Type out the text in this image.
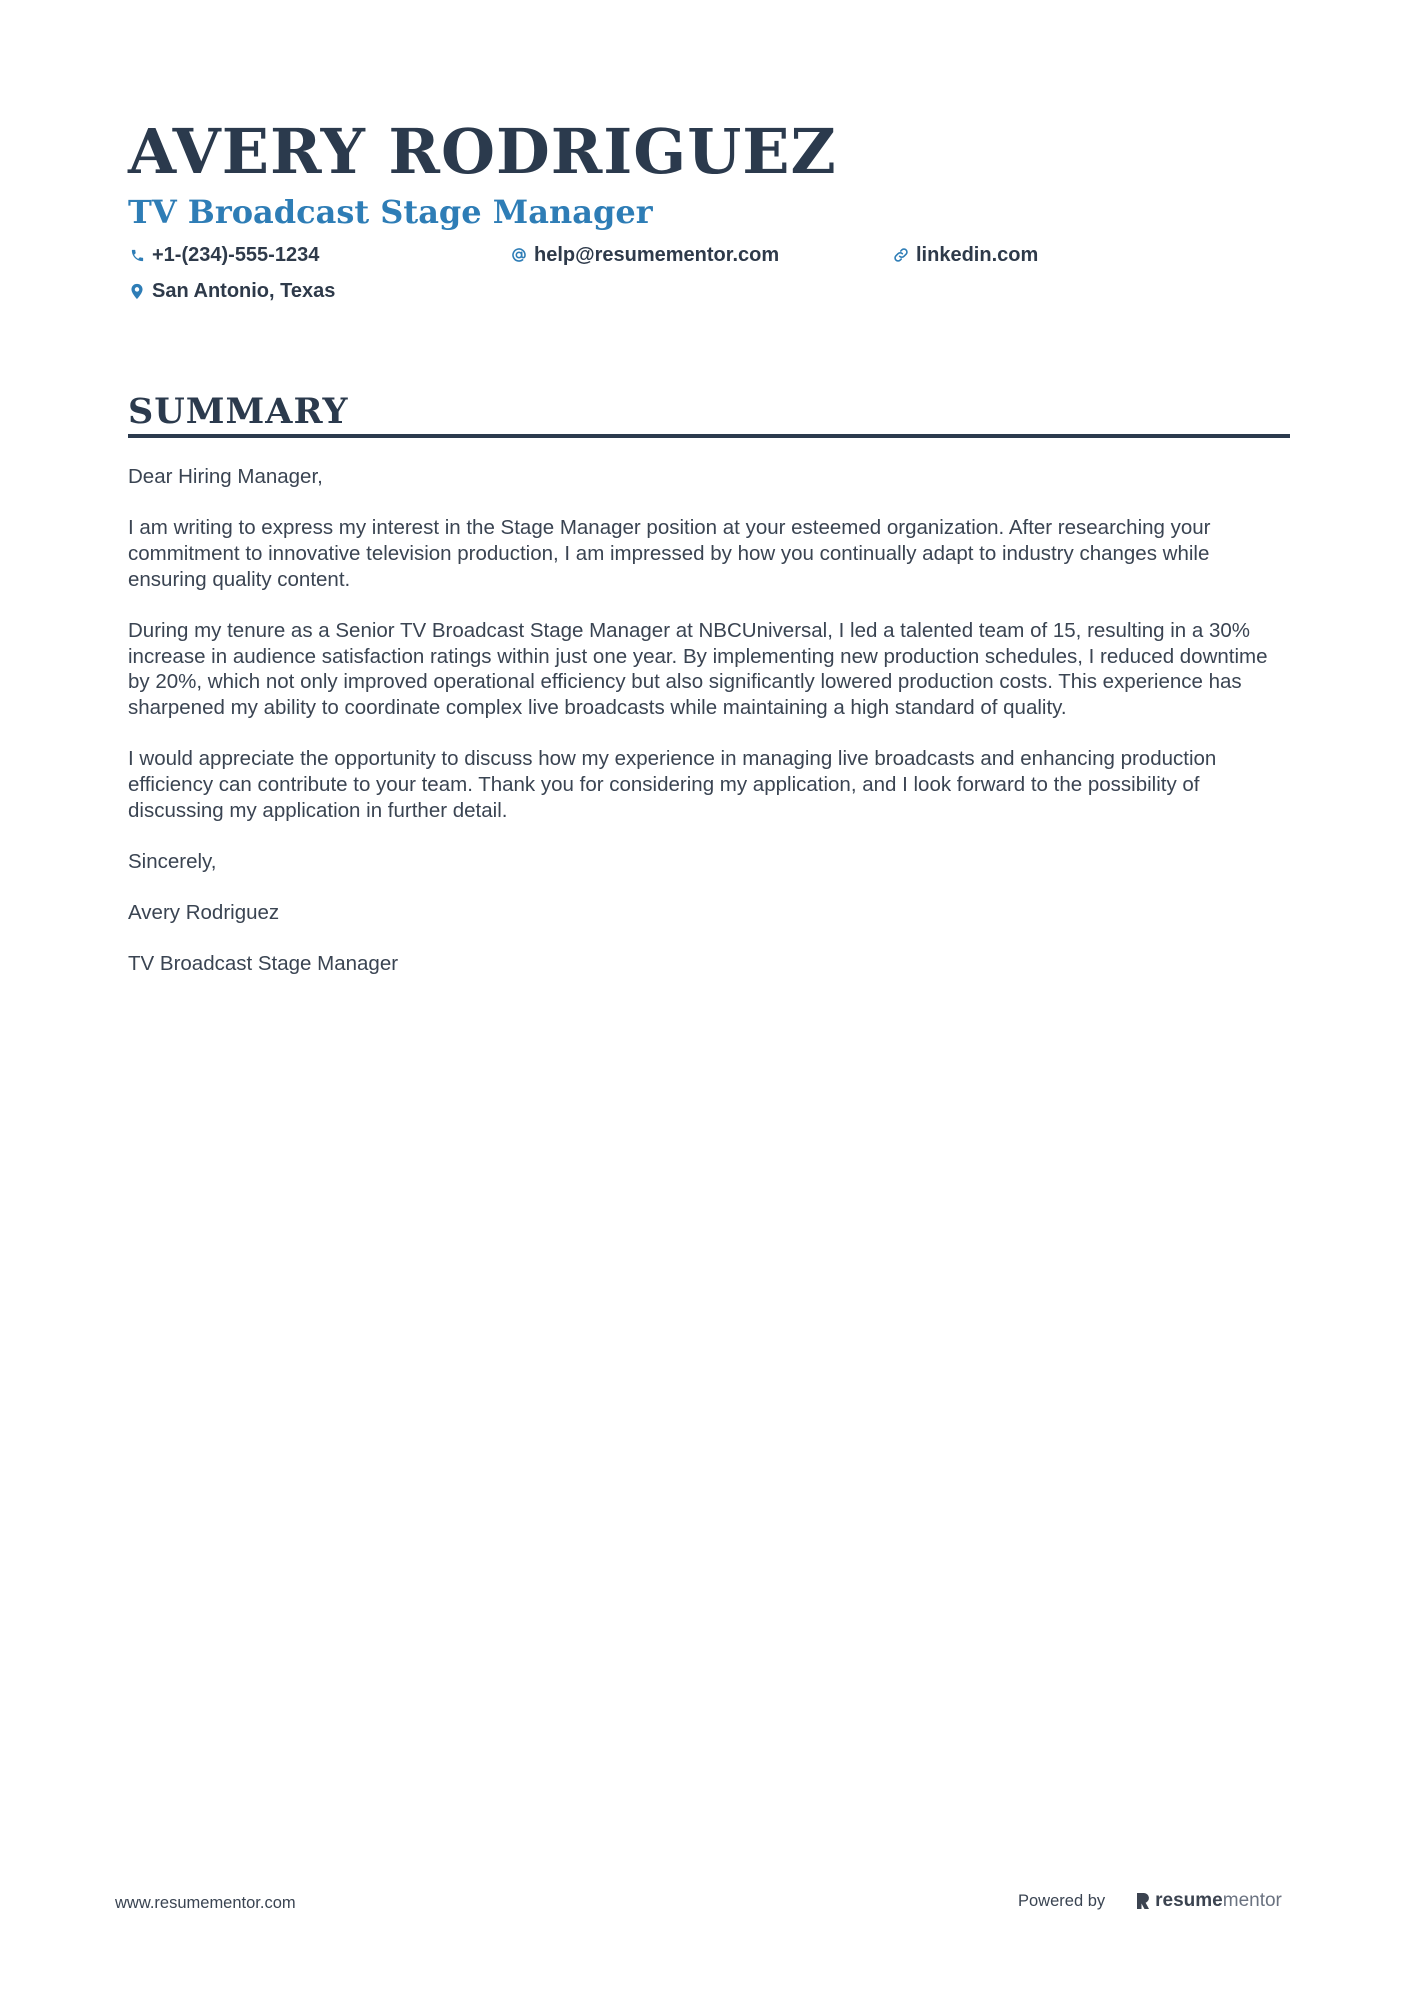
AVERY RODRIGUEZ
TV Broadcast Stage Manager
+1-(234)-555-1234	help@resumementor.com	linkedin.com
San Antonio, Texas
SUMMARY

Dear Hiring Manager,

I am writing to express my interest in the Stage Manager position at your esteemed organization. After researching your commitment to innovative television production, I am impressed by how you continually adapt to industry changes while ensuring quality content.

During my tenure as a Senior TV Broadcast Stage Manager at NBCUniversal, I led a talented team of 15, resulting in a 30% increase in audience satisfaction ratings within just one year. By implementing new production schedules, I reduced downtime by 20%, which not only improved operational efficiency but also significantly lowered production costs. This experience has sharpened my ability to coordinate complex live broadcasts while maintaining a high standard of quality.

I would appreciate the opportunity to discuss how my experience in managing live broadcasts and enhancing production efficiency can contribute to your team. Thank you for considering my application, and I look forward to the possibility of discussing my application in further detail.

Sincerely,

Avery Rodriguez

TV Broadcast Stage Manager

www.resumementor.com	Powered by	resume mentor
